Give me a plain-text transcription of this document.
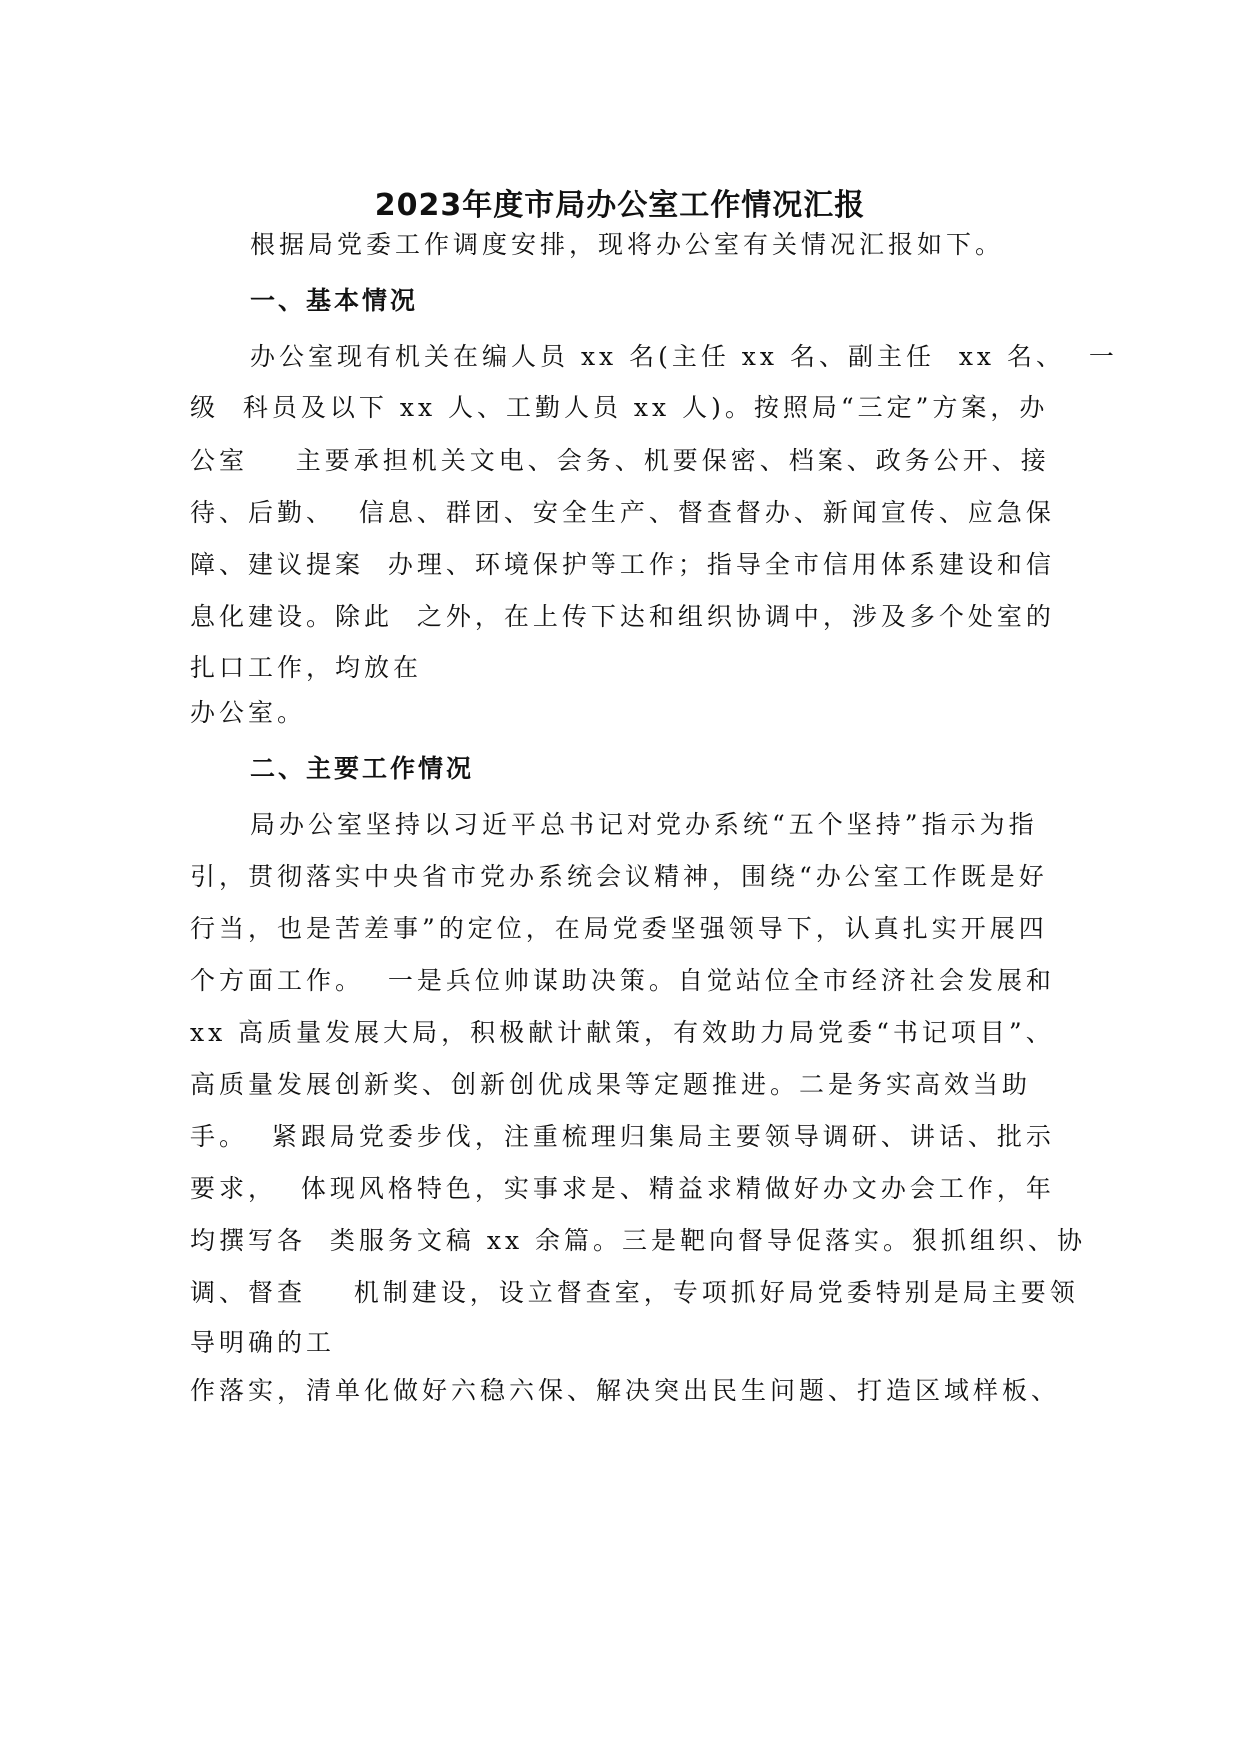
2023年度市局办公室工作情况汇报
根据局党委工作调度安排，现将办公室有关情况汇报如下。
一、基本情况
办公室现有机关在编人员 xx 名(主任 xx 名、副主任  xx 名、  一
级  科员及以下 xx 人、工勤人员 xx 人)。按照局“三定”方案，办
公室    主要承担机关文电、会务、机要保密、档案、政务公开、接
待、后勤、  信息、群团、安全生产、督查督办、新闻宣传、应急保
障、建议提案  办理、环境保护等工作；指导全市信用体系建设和信
息化建设。除此  之外，在上传下达和组织协调中，涉及多个处室的
扎口工作，均放在
办公室。
二、主要工作情况
局办公室坚持以习近平总书记对党办系统“五个坚持”指示为指
引，贯彻落实中央省市党办系统会议精神，围绕“办公室工作既是好
行当，也是苦差事”的定位，在局党委坚强领导下，认真扎实开展四
个方面工作。  一是兵位帅谋助决策。自觉站位全市经济社会发展和
xx 高质量发展大局，积极献计献策，有效助力局党委“书记项目”、
高质量发展创新奖、创新创优成果等定题推进。二是务实高效当助
手。  紧跟局党委步伐，注重梳理归集局主要领导调研、讲话、批示
要求，  体现风格特色，实事求是、精益求精做好办文办会工作，年
均撰写各  类服务文稿 xx 余篇。三是靶向督导促落实。狠抓组织、协
调、督查    机制建设，设立督查室，专项抓好局党委特别是局主要领
导明确的工
作落实，清单化做好六稳六保、解决突出民生问题、打造区域样板、
